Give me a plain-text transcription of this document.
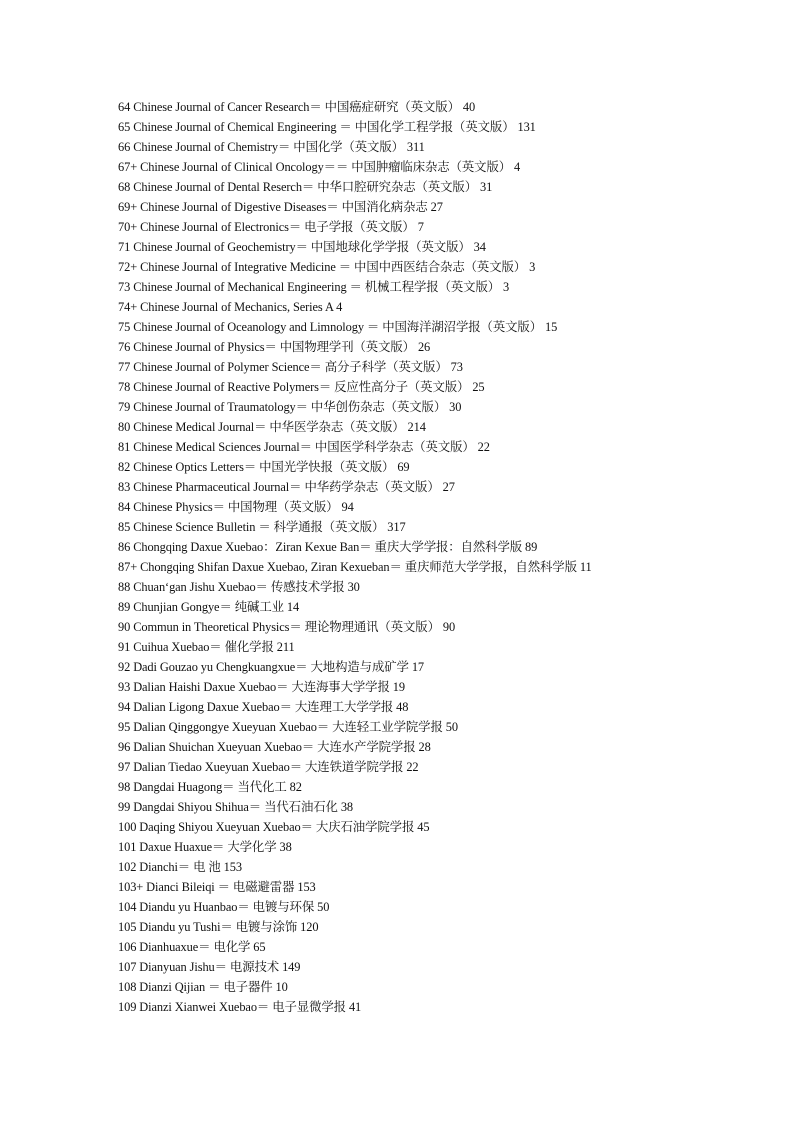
64 Chinese Journal of Cancer Research＝ 中国癌症研究（英文版） 40
65 Chinese Journal of Chemical Engineering ＝ 中国化学工程学报（英文版） 131
66 Chinese Journal of Chemistry＝ 中国化学（英文版） 311
67+ Chinese Journal of Clinical Oncology＝＝ 中国肿瘤临床杂志（英文版） 4
68 Chinese Journal of Dental Reserch＝ 中华口腔研究杂志（英文版） 31
69+ Chinese Journal of Digestive Diseases＝ 中国消化病杂志 27
70+ Chinese Journal of Electronics＝ 电子学报（英文版） 7
71 Chinese Journal of Geochemistry＝ 中国地球化学学报（英文版） 34
72+ Chinese Journal of Integrative Medicine ＝ 中国中西医结合杂志（英文版） 3
73 Chinese Journal of Mechanical Engineering ＝ 机械工程学报（英文版） 3
74+ Chinese Journal of Mechanics, Series A 4
75 Chinese Journal of Oceanology and Limnology ＝ 中国海洋湖沼学报（英文版） 15
76 Chinese Journal of Physics＝ 中国物理学刊（英文版） 26
77 Chinese Journal of Polymer Science＝ 高分子科学（英文版） 73
78 Chinese Journal of Reactive Polymers＝ 反应性高分子（英文版） 25
79 Chinese Journal of Traumatology＝ 中华创伤杂志（英文版） 30
80 Chinese Medical Journal＝ 中华医学杂志（英文版） 214
81 Chinese Medical Sciences Journal＝ 中国医学科学杂志（英文版） 22
82 Chinese Optics Letters＝ 中国光学快报（英文版） 69
83 Chinese Pharmaceutical Journal＝ 中华药学杂志（英文版） 27
84 Chinese Physics＝ 中国物理（英文版） 94
85 Chinese Science Bulletin ＝ 科学通报（英文版） 317
86 Chongqing Daxue Xuebao：Ziran Kexue Ban＝ 重庆大学学报：自然科学版 89
87+ Chongqing Shifan Daxue Xuebao, Ziran Kexueban＝ 重庆师范大学学报，自然科学版 11
88 Chuan‘gan Jishu Xuebao＝ 传感技术学报 30
89 Chunjian Gongye＝ 纯碱工业 14
90 Commun in Theoretical Physics＝ 理论物理通讯（英文版） 90
91 Cuihua Xuebao＝ 催化学报 211
92 Dadi Gouzao yu Chengkuangxue＝ 大地构造与成矿学 17
93 Dalian Haishi Daxue Xuebao＝ 大连海事大学学报 19
94 Dalian Ligong Daxue Xuebao＝ 大连理工大学学报 48
95 Dalian Qinggongye Xueyuan Xuebao＝ 大连轻工业学院学报 50
96 Dalian Shuichan Xueyuan Xuebao＝ 大连水产学院学报 28
97 Dalian Tiedao Xueyuan Xuebao＝ 大连铁道学院学报 22
98 Dangdai Huagong＝ 当代化工 82
99 Dangdai Shiyou Shihua＝ 当代石油石化 38
100 Daqing Shiyou Xueyuan Xuebao＝ 大庆石油学院学报 45
101 Daxue Huaxue＝ 大学化学 38
102 Dianchi＝ 电 池 153
103+ Dianci Bileiqi ＝ 电磁避雷器 153
104 Diandu yu Huanbao＝ 电镀与环保 50
105 Diandu yu Tushi＝ 电镀与涂饰 120
106 Dianhuaxue＝ 电化学 65
107 Dianyuan Jishu＝ 电源技术 149
108 Dianzi Qijian ＝ 电子器件 10
109 Dianzi Xianwei Xuebao＝ 电子显微学报 41
